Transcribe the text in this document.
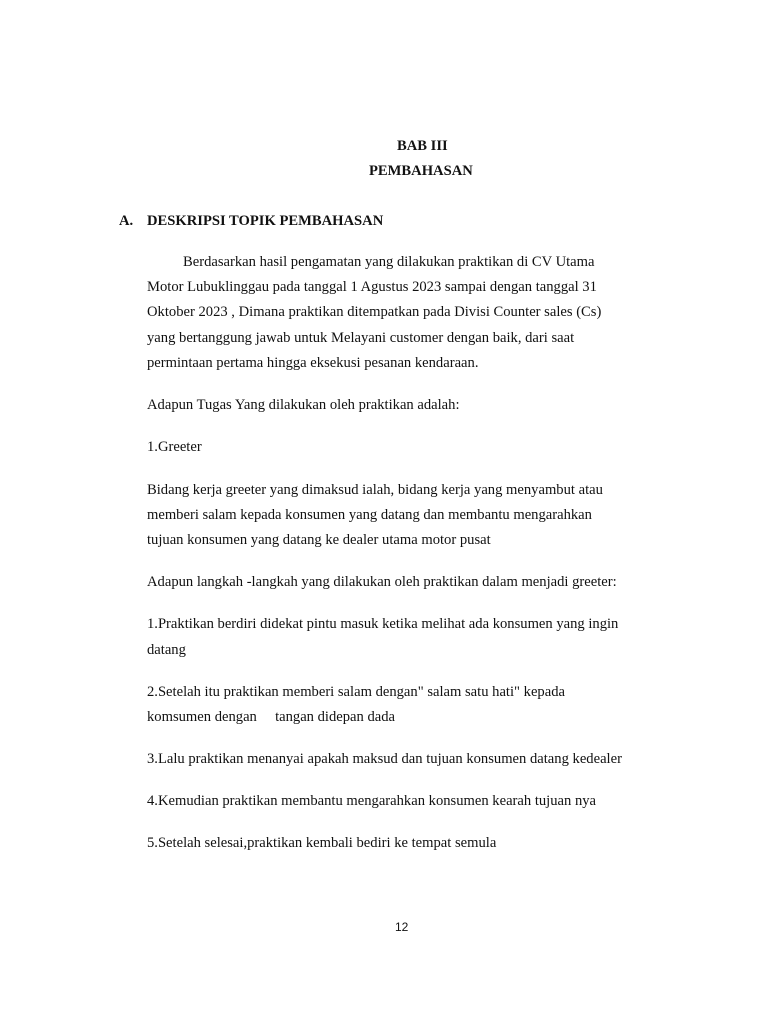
BAB III
PEMBAHASAN
A. DESKRIPSI TOPIK PEMBAHASAN
Berdasarkan hasil pengamatan yang dilakukan praktikan di CV Utama
Motor Lubuklinggau pada tanggal 1 Agustus 2023 sampai dengan tanggal 31
Oktober 2023 , Dimana praktikan ditempatkan pada Divisi Counter sales (Cs)
yang bertanggung jawab untuk Melayani customer dengan baik, dari saat
permintaan pertama hingga eksekusi pesanan kendaraan.
Adapun Tugas Yang dilakukan oleh praktikan adalah:
1.Greeter
Bidang kerja greeter yang dimaksud ialah, bidang kerja yang menyambut atau
memberi salam kepada konsumen yang datang dan membantu mengarahkan
tujuan konsumen yang datang ke dealer utama motor pusat
Adapun langkah -langkah yang dilakukan oleh praktikan dalam menjadi greeter:
1.Praktikan berdiri didekat pintu masuk ketika melihat ada konsumen yang ingin
datang
2.Setelah itu praktikan memberi salam dengan" salam satu hati" kepada
komsumen dengan     tangan didepan dada
3.Lalu praktikan menanyai apakah maksud dan tujuan konsumen datang kedealer
4.Kemudian praktikan membantu mengarahkan konsumen kearah tujuan nya
5.Setelah selesai,praktikan kembali bediri ke tempat semula
12
